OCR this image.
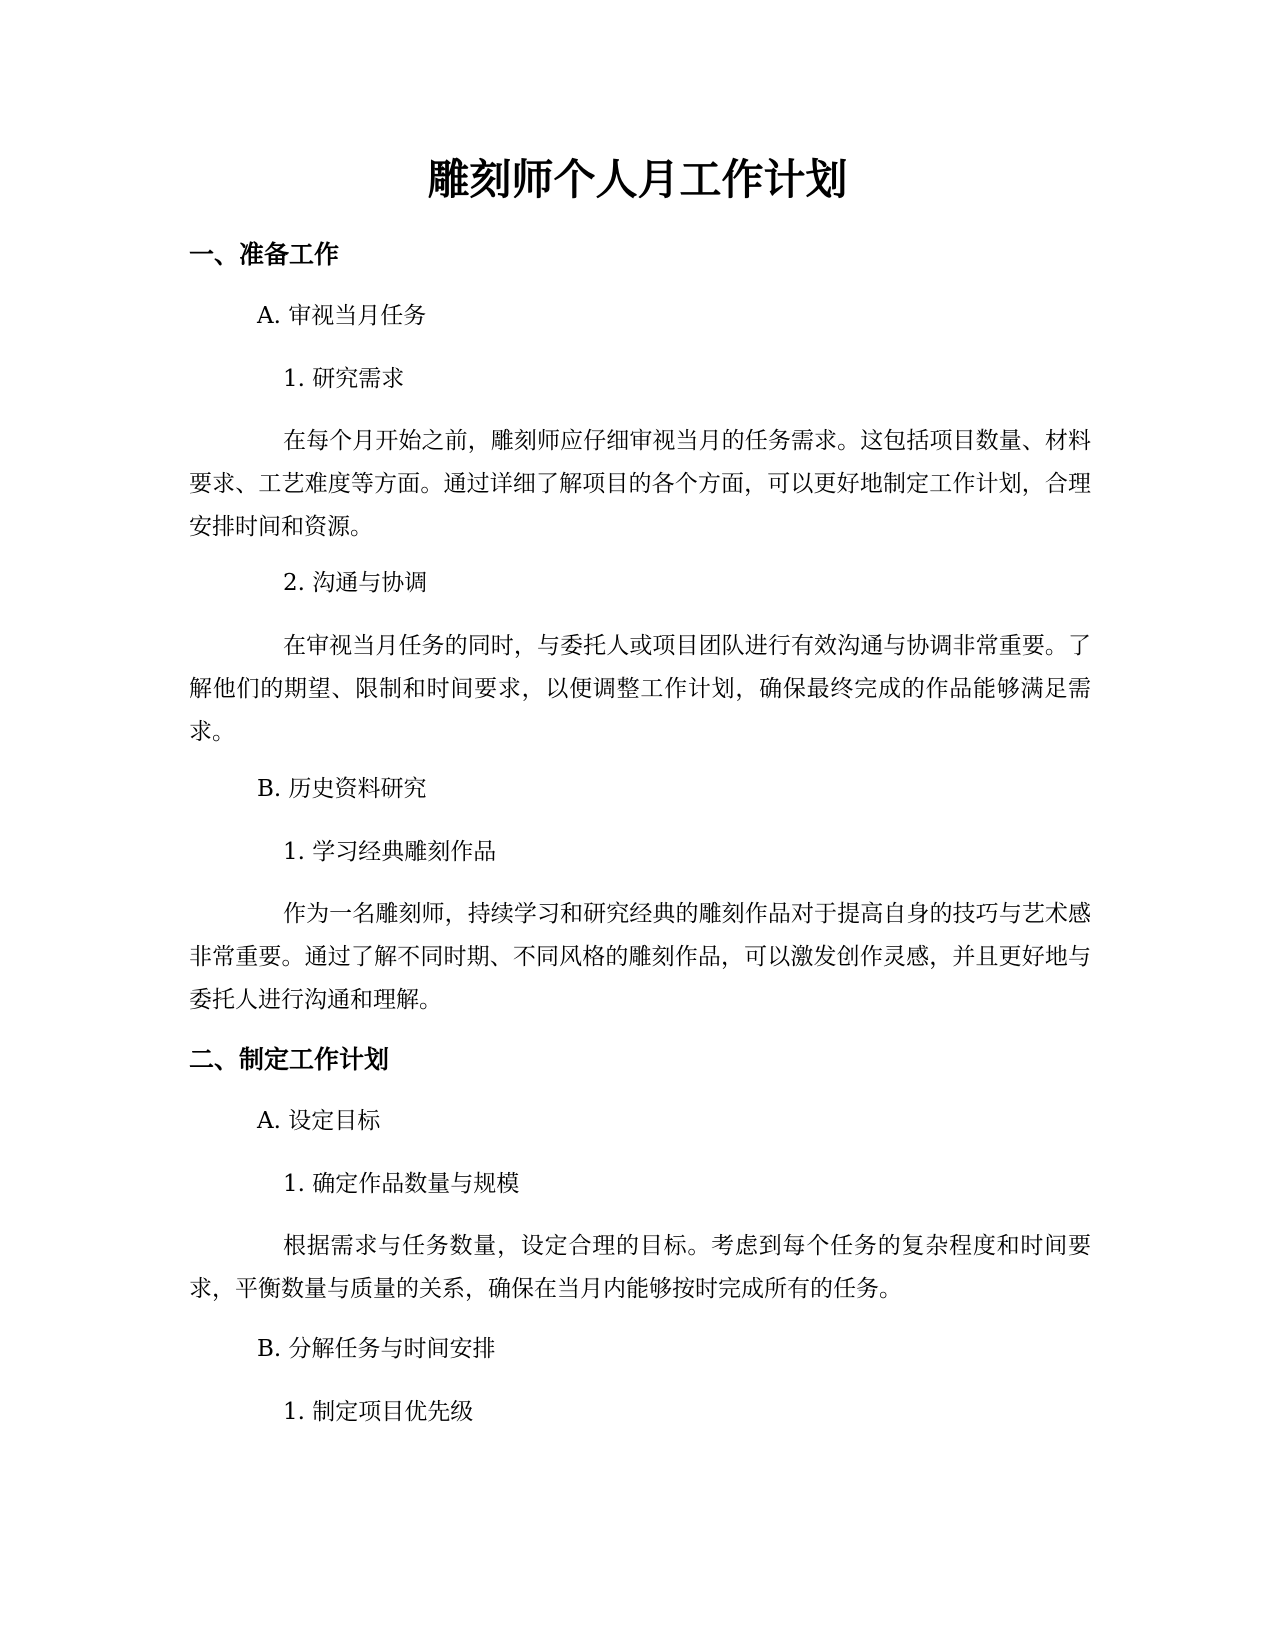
雕刻师个人月工作计划
一、准备工作

A. 审视当月任务

1. 研究需求

在每个月开始之前，雕刻师应仔细审视当月的任务需求。这包括项目数量、材料要求、工艺难度等方面。通过详细了解项目的各个方面，可以更好地制定工作计划，合理安排时间和资源。

2. 沟通与协调

在审视当月任务的同时，与委托人或项目团队进行有效沟通与协调非常重要。了解他们的期望、限制和时间要求，以便调整工作计划，确保最终完成的作品能够满足需求。

B. 历史资料研究

1. 学习经典雕刻作品

作为一名雕刻师，持续学习和研究经典的雕刻作品对于提高自身的技巧与艺术感非常重要。通过了解不同时期、不同风格的雕刻作品，可以激发创作灵感，并且更好地与委托人进行沟通和理解。

二、制定工作计划

A. 设定目标

1. 确定作品数量与规模

根据需求与任务数量，设定合理的目标。考虑到每个任务的复杂程度和时间要求，平衡数量与质量的关系，确保在当月内能够按时完成所有的任务。

B. 分解任务与时间安排

1. 制定项目优先级
